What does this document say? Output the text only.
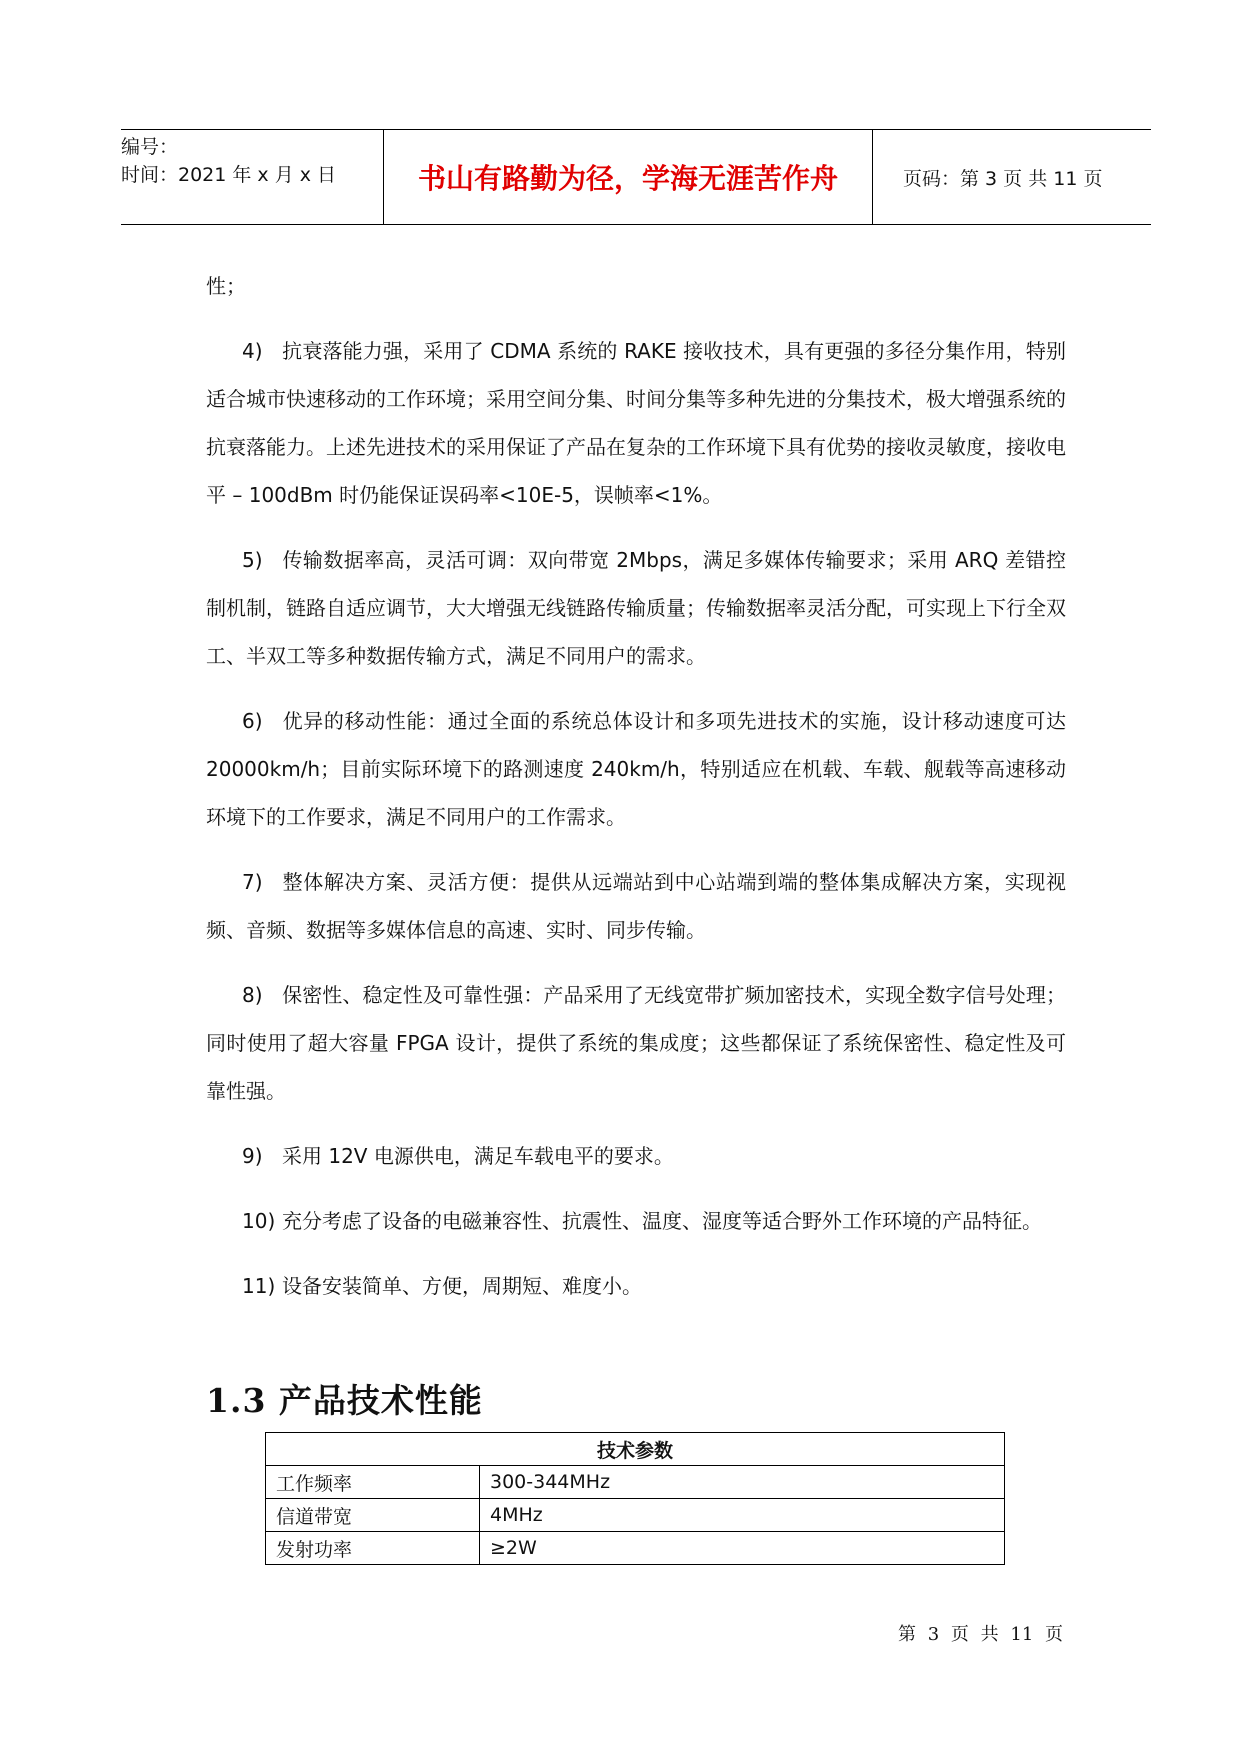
编号：
时间：2021 年 x 月 x 日	书山有路勤为径，学海无涯苦作舟	页码：第 3 页 共 11 页

性；

4) 抗衰落能力强，采用了 CDMA 系统的 RAKE 接收技术，具有更强的多径分集作用，特别适合城市快速移动的工作环境；采用空间分集、时间分集等多种先进的分集技术，极大增强系统的抗衰落能力。上述先进技术的采用保证了产品在复杂的工作环境下具有优势的接收灵敏度，接收电平 – 100dBm 时仍能保证误码率<10E-5，误帧率<1%。

5) 传输数据率高，灵活可调：双向带宽 2Mbps，满足多媒体传输要求；采用 ARQ 差错控制机制，链路自适应调节，大大增强无线链路传输质量；传输数据率灵活分配，可实现上下行全双工、半双工等多种数据传输方式，满足不同用户的需求。

6) 优异的移动性能：通过全面的系统总体设计和多项先进技术的实施，设计移动速度可达 20000km/h；目前实际环境下的路测速度 240km/h，特别适应在机载、车载、舰载等高速移动环境下的工作要求，满足不同用户的工作需求。

7) 整体解决方案、灵活方便：提供从远端站到中心站端到端的整体集成解决方案，实现视频、音频、数据等多媒体信息的高速、实时、同步传输。

8) 保密性、稳定性及可靠性强：产品采用了无线宽带扩频加密技术，实现全数字信号处理；同时使用了超大容量 FPGA 设计，提供了系统的集成度；这些都保证了系统保密性、稳定性及可靠性强。

9) 采用 12V 电源供电，满足车载电平的要求。

10) 充分考虑了设备的电磁兼容性、抗震性、温度、湿度等适合野外工作环境的产品特征。

11) 设备安装简单、方便，周期短、难度小。

1.3 产品技术性能
技术参数	
工作频率	300-344MHz
信道带宽	4MHz
发射功率	≥2W
第 3 页 共 11 页
